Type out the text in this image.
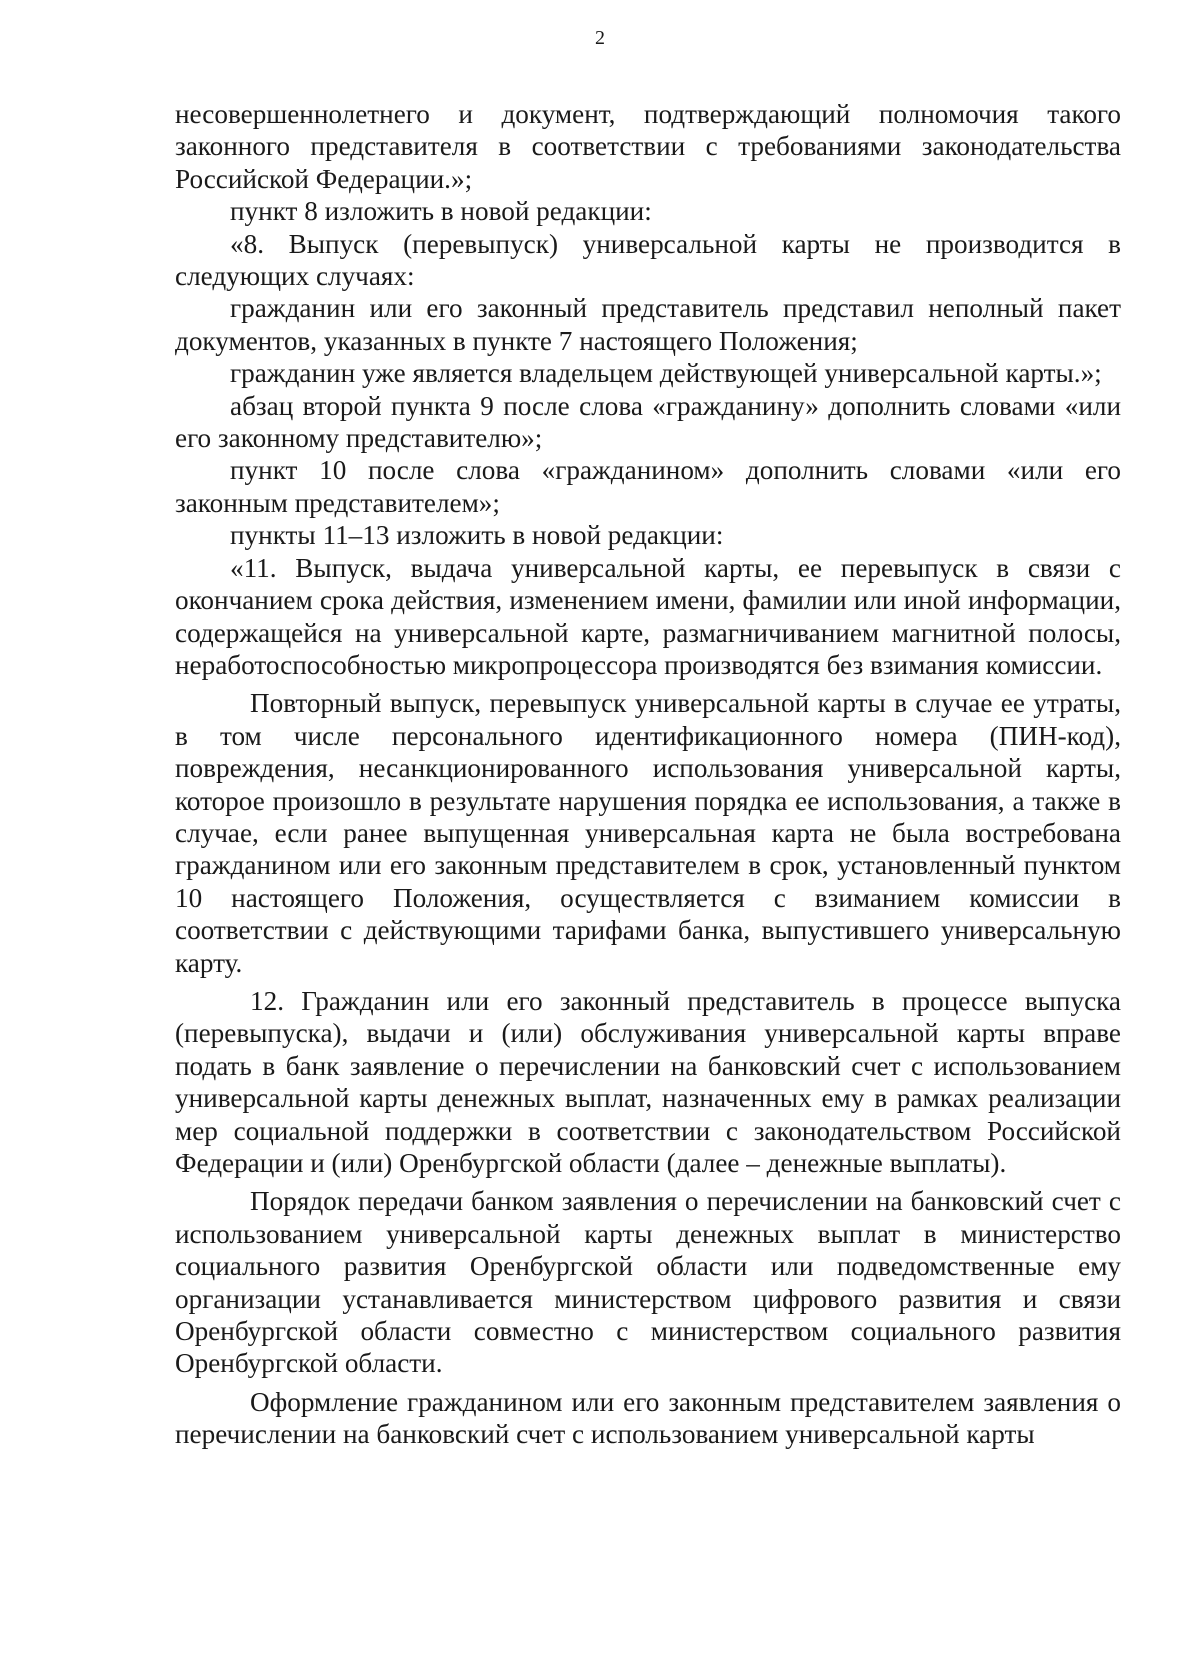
2

несовершеннолетнего и документ, подтверждающий полномочия такого законного представителя в соответствии с требованиями законодательства Российской Федерации.»;

пункт 8 изложить в новой редакции:

«8. Выпуск (перевыпуск) универсальной карты не производится в следующих случаях:

гражданин или его законный представитель представил неполный пакет документов, указанных в пункте 7 настоящего Положения;

гражданин уже является владельцем действующей универсальной карты.»;

абзац второй пункта 9 после слова «гражданину» дополнить словами «или его законному представителю»;

пункт 10 после слова «гражданином» дополнить словами «или его законным представителем»;

пункты 11–13 изложить в новой редакции:

«11. Выпуск, выдача универсальной карты, ее перевыпуск в связи с окончанием срока действия, изменением имени, фамилии или иной информации, содержащейся на универсальной карте, размагничиванием магнитной полосы, неработоспособностью микропроцессора производятся без взимания комиссии.

Повторный выпуск, перевыпуск универсальной карты в случае ее утраты, в том числе персонального идентификационного номера (ПИН-код), повреждения, несанкционированного использования универсальной карты, которое произошло в результате нарушения порядка ее использования, а также в случае, если ранее выпущенная универсальная карта не была востребована гражданином или его законным представителем в срок, установленный пунктом 10 настоящего Положения, осуществляется с взиманием комиссии в соответствии с действующими тарифами банка, выпустившего универсальную карту.

12. Гражданин или его законный представитель в процессе выпуска (перевыпуска), выдачи и (или) обслуживания универсальной карты вправе подать в банк заявление о перечислении на банковский счет с использованием универсальной карты денежных выплат, назначенных ему в рамках реализации мер социальной поддержки в соответствии с законодательством Российской Федерации и (или) Оренбургской области (далее – денежные выплаты).

Порядок передачи банком заявления о перечислении на банковский счет с использованием универсальной карты денежных выплат в министерство социального развития Оренбургской области или подведомственные ему организации устанавливается министерством цифрового развития и связи Оренбургской области совместно с министерством социального развития Оренбургской области.

Оформление гражданином или его законным представителем заявления о перечислении на банковский счет с использованием универсальной карты
